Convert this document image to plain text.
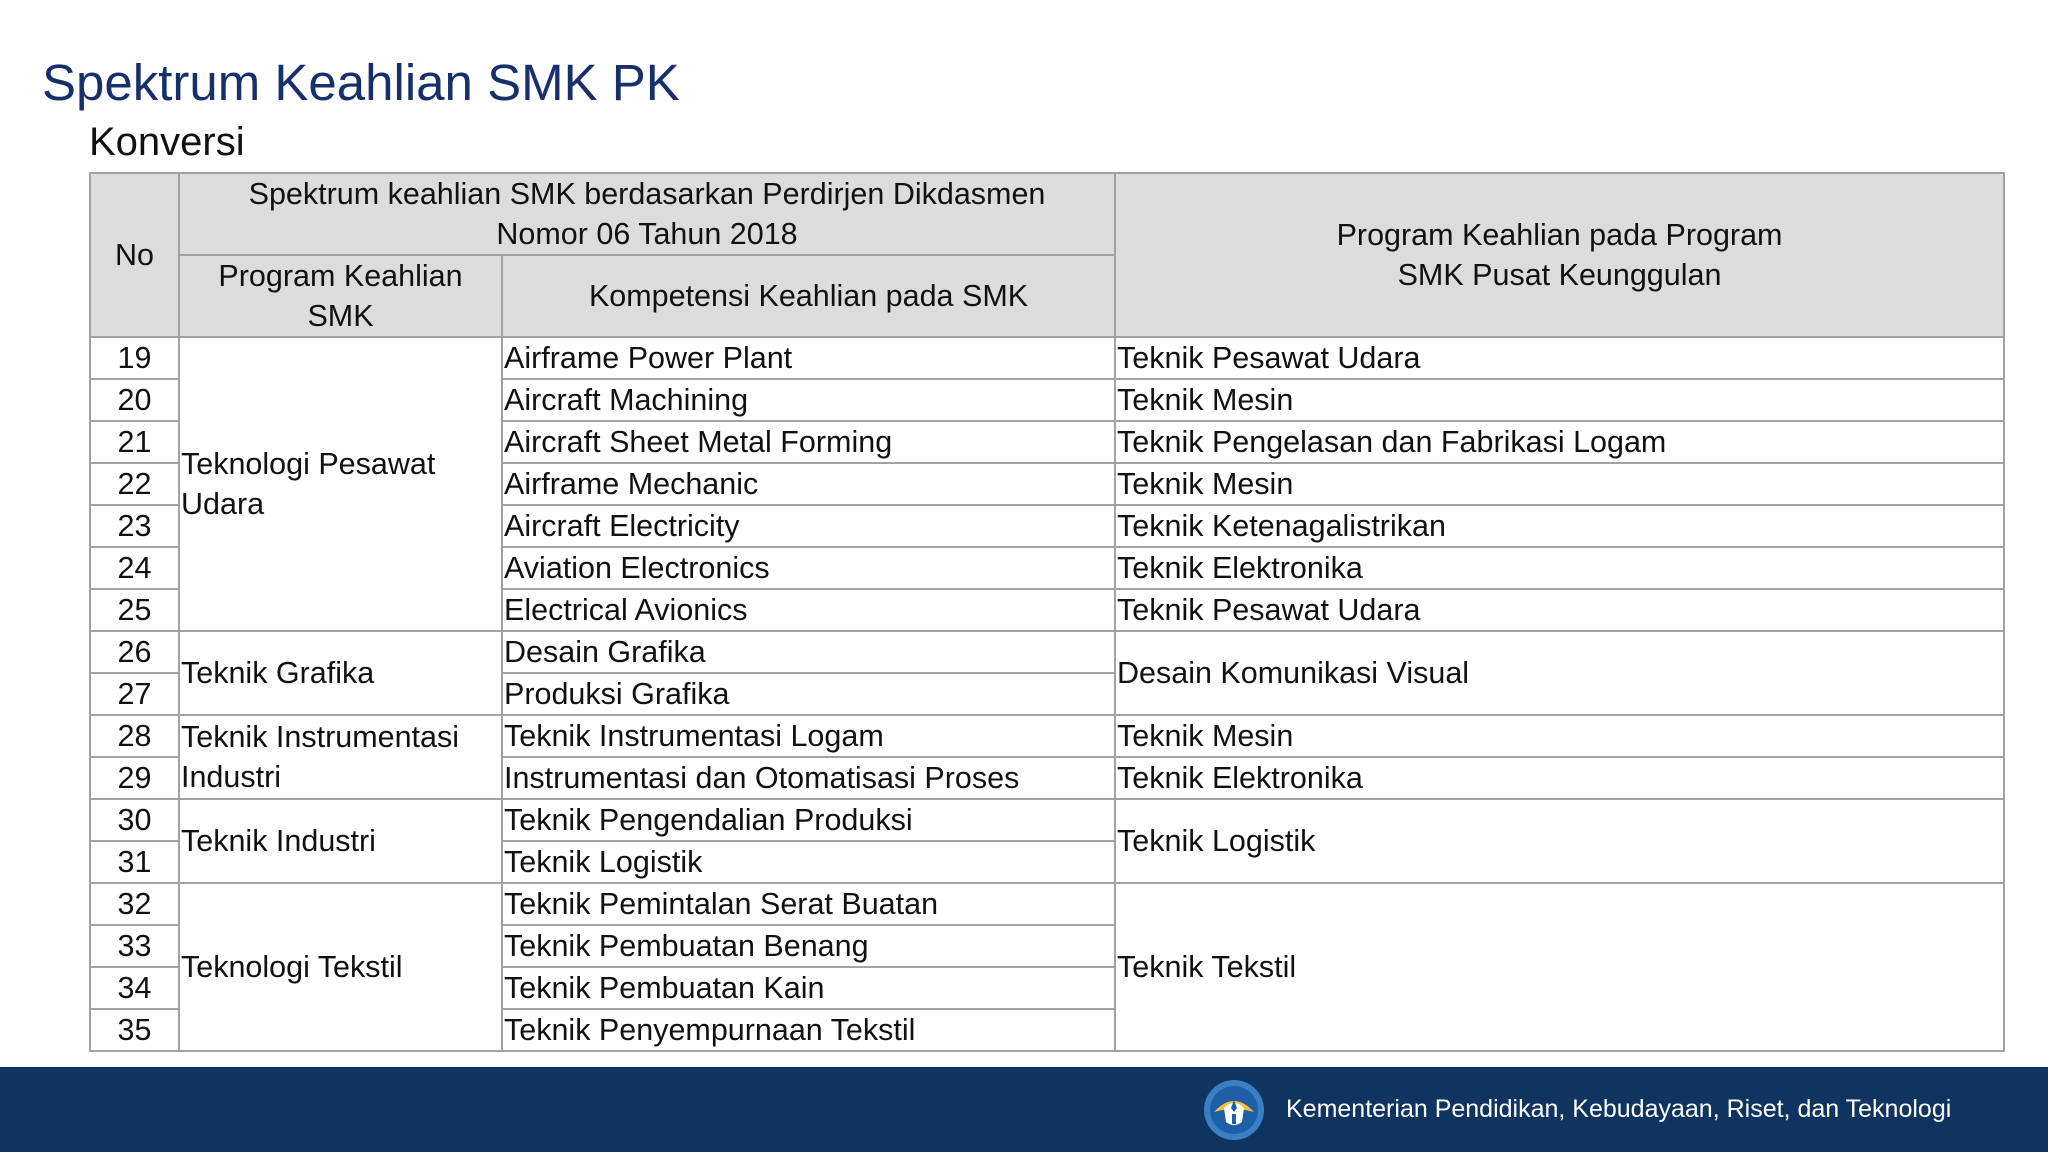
Spektrum Keahlian SMK PK
Konversi
No	Spektrum keahlian SMK berdasarkan Perdirjen Dikdasmen Nomor 06 Tahun 2018		Program Keahlian pada Program SMK Pusat Keunggulan
	Program Keahlian SMK	Kompetensi Keahlian pada SMK	
19	Teknologi Pesawat Udara	Airframe Power Plant	Teknik Pesawat Udara
20		Aircraft Machining	Teknik Mesin
21		Aircraft Sheet Metal Forming	Teknik Pengelasan dan Fabrikasi Logam
22		Airframe Mechanic	Teknik Mesin
23		Aircraft Electricity	Teknik Ketenagalistrikan
24		Aviation Electronics	Teknik Elektronika
25		Electrical Avionics	Teknik Pesawat Udara
26	Teknik Grafika	Desain Grafika	Desain Komunikasi Visual
27		Produksi Grafika	
28	Teknik Instrumentasi Industri	Teknik Instrumentasi Logam	Teknik Mesin
29		Instrumentasi dan Otomatisasi Proses	Teknik Elektronika
30	Teknik Industri	Teknik Pengendalian Produksi	Teknik Logistik
31		Teknik Logistik	
32	Teknologi Tekstil	Teknik Pemintalan Serat Buatan	Teknik Tekstil
33		Teknik Pembuatan Benang	
34		Teknik Pembuatan Kain	
35		Teknik Penyempurnaan Tekstil	
Kementerian Pendidikan, Kebudayaan, Riset, dan Teknologi
